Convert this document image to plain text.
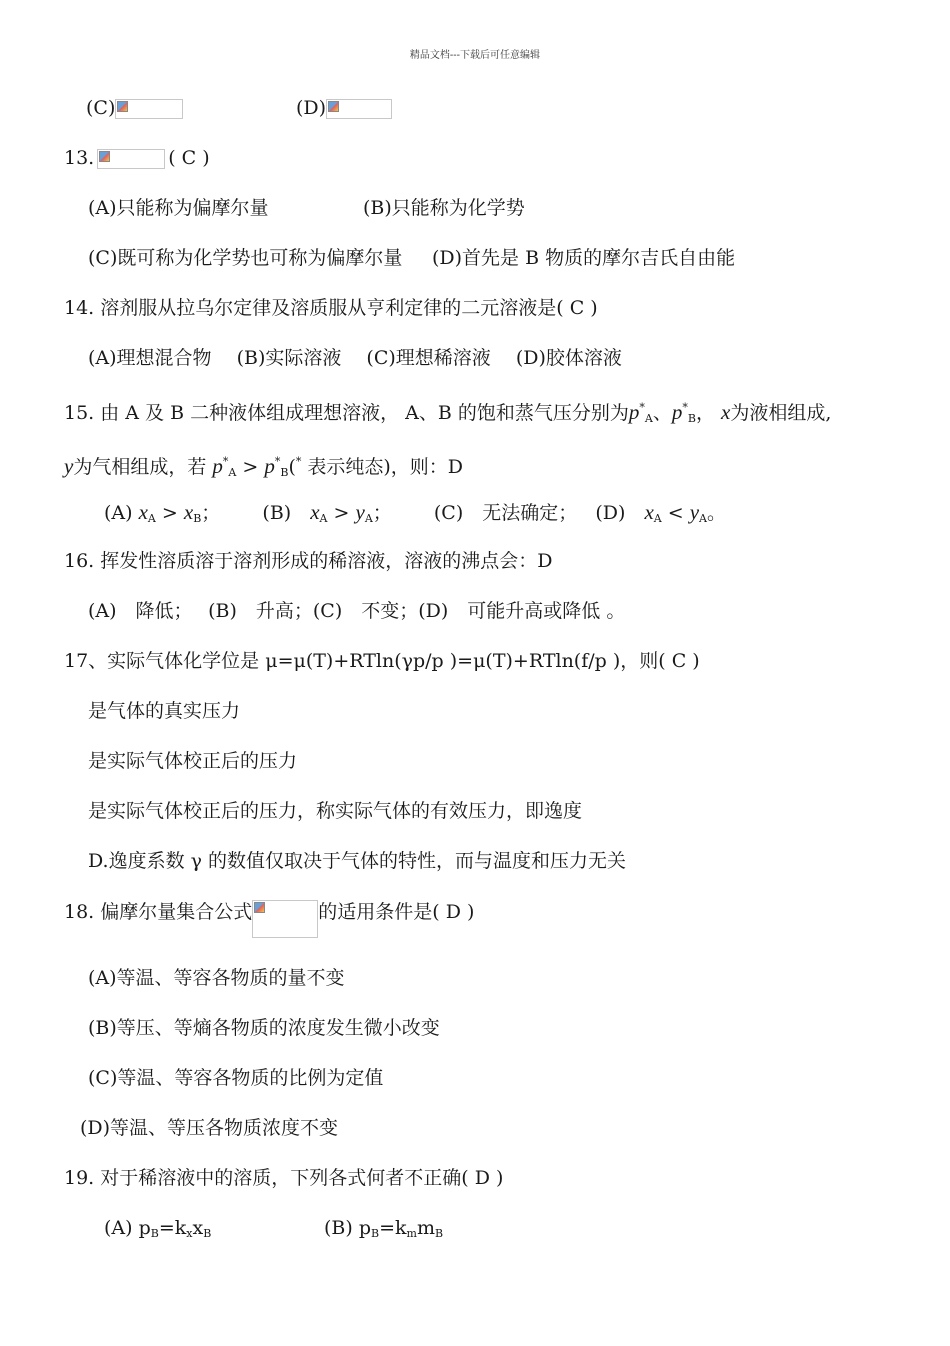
精品文档---下载后可任意编辑
(C)	(D)
13.	( C )
(A)只能称为偏摩尔量	(B)只能称为化学势
(C)既可称为化学势也可称为偏摩尔量 (D)首先是 B 物质的摩尔吉氏自由能
14. 溶剂服从拉乌尔定律及溶质服从亨利定律的二元溶液是( C )
(A)理想混合物　 (B)实际溶液　 (C)理想稀溶液　 (D)胶体溶液
15. 由 A 及 B 二种液体组成理想溶液， A、B 的饱和蒸气压分别为$p^*_A$、$p^*_B$， x为液相组成,
y为气相组成，若 $p^*_A > p^*_B(^*$ 表示纯态)，则：D
(A) $x_A > x_B$； (B)　 $x_A > y_A$； (C)　无法确定； (D)　 $x_A < y_A$。
16. 挥发性溶质溶于溶剂形成的稀溶液，溶液的沸点会：D
(A)　降低；　 (B)　升高；(C)　不变；(D)　可能升高或降低 。
17、实际气体化学位是 μ=μ(T)+RTln(γp/p )=μ(T)+RTln(f/p )，则( C )
是气体的真实压力
是实际气体校正后的压力
是实际气体校正后的压力，称实际气体的有效压力，即逸度
D.逸度系数 γ 的数值仅取决于气体的特性，而与温度和压力无关
18. 偏摩尔量集合公式	的适用条件是( D )
(A)等温、等容各物质的量不变
(B)等压、等熵各物质的浓度发生微小改变
(C)等温、等容各物质的比例为定值
(D)等温、等压各物质浓度不变
19. 对于稀溶液中的溶质，下列各式何者不正确( D )
(A) $p_B=k_xx_B$	(B) $p_B=k_mm_B$
